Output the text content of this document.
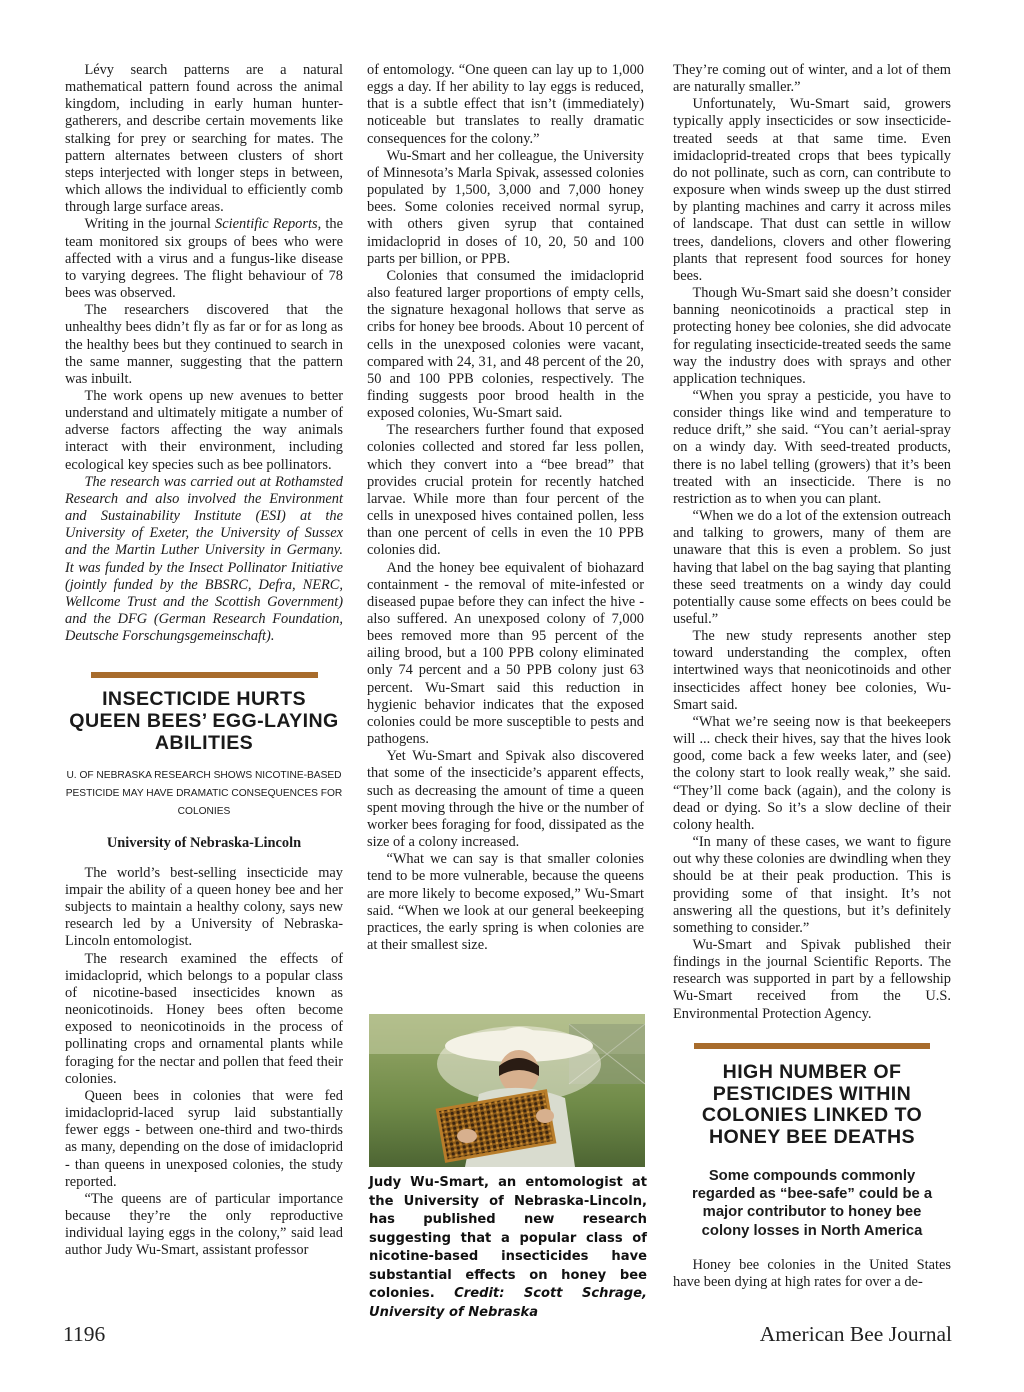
Lévy search patterns are a natural mathematical pattern found across the animal kingdom, including in early human hunter-gatherers, and describe certain movements like stalking for prey or searching for mates. The pattern alternates between clusters of short steps interjected with longer steps in between, which allows the individual to efficiently comb through large surface areas.

Writing in the journal Scientific Reports, the team monitored six groups of bees who were affected with a virus and a fungus-like disease to varying degrees. The flight behaviour of 78 bees was observed.

The researchers discovered that the unhealthy bees didn’t fly as far or for as long as the healthy bees but they continued to search in the same manner, suggesting that the pattern was inbuilt.

The work opens up new avenues to better understand and ultimately mitigate a number of adverse factors affecting the way animals interact with their environment, including ecological key species such as bee pollinators.

The research was carried out at Rothamsted Research and also involved the Environment and Sustainability Institute (ESI) at the University of Exeter, the University of Sussex and the Martin Luther University in Germany. It was funded by the Insect Pollinator Initiative (jointly funded by the BBSRC, Defra, NERC, Wellcome Trust and the Scottish Government) and the DFG (German Research Foundation, Deutsche Forschungsgemeinschaft).

INSECTICIDE HURTS QUEEN BEES’ EGG-LAYING ABILITIES
U. OF NEBRASKA RESEARCH SHOWS NICOTINE-BASED PESTICIDE MAY HAVE DRAMATIC CONSEQUENCES FOR COLONIES
University of Nebraska-Lincoln

The world’s best-selling insecticide may impair the ability of a queen honey bee and her subjects to maintain a healthy colony, says new research led by a University of Nebraska-Lincoln entomologist.

The research examined the effects of imidacloprid, which belongs to a popular class of nicotine-based insecticides known as neonicotinoids. Honey bees often become exposed to neonicotinoids in the process of pollinating crops and ornamental plants while foraging for the nectar and pollen that feed their colonies.

Queen bees in colonies that were fed imidacloprid-laced syrup laid substantially fewer eggs - between one-third and two-thirds as many, depending on the dose of imidacloprid - than queens in unexposed colonies, the study reported.

“The queens are of particular importance because they’re the only reproductive individual laying eggs in the colony,” said lead author Judy Wu-Smart, assistant professor

of entomology. “One queen can lay up to 1,000 eggs a day. If her ability to lay eggs is reduced, that is a subtle effect that isn’t (immediately) noticeable but translates to really dramatic consequences for the colony.”

Wu-Smart and her colleague, the University of Minnesota’s Marla Spivak, assessed colonies populated by 1,500, 3,000 and 7,000 honey bees. Some colonies received normal syrup, with others given syrup that contained imidacloprid in doses of 10, 20, 50 and 100 parts per billion, or PPB.

Colonies that consumed the imidacloprid also featured larger proportions of empty cells, the signature hexagonal hollows that serve as cribs for honey bee broods. About 10 percent of cells in the unexposed colonies were vacant, compared with 24, 31, and 48 percent of the 20, 50 and 100 PPB colonies, respectively. The finding suggests poor brood health in the exposed colonies, Wu-Smart said.

The researchers further found that exposed colonies collected and stored far less pollen, which they convert into a “bee bread” that provides crucial protein for recently hatched larvae. While more than four percent of the cells in unexposed hives contained pollen, less than one percent of cells in even the 10 PPB colonies did.

And the honey bee equivalent of biohazard containment - the removal of mite-infested or diseased pupae before they can infect the hive - also suffered. An unexposed colony of 7,000 bees removed more than 95 percent of the ailing brood, but a 100 PPB colony eliminated only 74 percent and a 50 PPB colony just 63 percent. Wu-Smart said this reduction in hygienic behavior indicates that the exposed colonies could be more susceptible to pests and pathogens.

Yet Wu-Smart and Spivak also discovered that some of the insecticide’s apparent effects, such as decreasing the amount of time a queen spent moving through the hive or the number of worker bees foraging for food, dissipated as the size of a colony increased.

“What we can say is that smaller colonies tend to be more vulnerable, because the queens are more likely to become exposed,” Wu-Smart said. “When we look at our general beekeeping practices, the early spring is when colonies are at their smallest size.

Judy Wu-Smart, an entomologist at the University of Nebraska-Lincoln, has published new research suggesting that a popular class of nicotine-based insecticides have substantial effects on honey bee colonies. Credit: Scott Schrage, University of Nebraska

They’re coming out of winter, and a lot of them are naturally smaller.”

Unfortunately, Wu-Smart said, growers typically apply insecticides or sow insecticide-treated seeds at that same time. Even imidacloprid-treated crops that bees typically do not pollinate, such as corn, can contribute to exposure when winds sweep up the dust stirred by planting machines and carry it across miles of landscape. That dust can settle in willow trees, dandelions, clovers and other flowering plants that represent food sources for honey bees.

Though Wu-Smart said she doesn’t consider banning neonicotinoids a practical step in protecting honey bee colonies, she did advocate for regulating insecticide-treated seeds the same way the industry does with sprays and other application techniques.

“When you spray a pesticide, you have to consider things like wind and temperature to reduce drift,” she said. “You can’t aerial-spray on a windy day. With seed-treated products, there is no label telling (growers) that it’s been treated with an insecticide. There is no restriction as to when you can plant.

“When we do a lot of the extension outreach and talking to growers, many of them are unaware that this is even a problem. So just having that label on the bag saying that planting these seed treatments on a windy day could potentially cause some effects on bees could be useful.”

The new study represents another step toward understanding the complex, often intertwined ways that neonicotinoids and other insecticides affect honey bee colonies, Wu-Smart said.

“What we’re seeing now is that beekeepers will ... check their hives, say that the hives look good, come back a few weeks later, and (see) the colony start to look really weak,” she said. “They’ll come back (again), and the colony is dead or dying. So it’s a slow decline of their colony health.

“In many of these cases, we want to figure out why these colonies are dwindling when they should be at their peak production. This is providing some of that insight. It’s not answering all the questions, but it’s definitely something to consider.”

Wu-Smart and Spivak published their findings in the journal Scientific Reports. The research was supported in part by a fellowship Wu-Smart received from the U.S. Environmental Protection Agency.

HIGH NUMBER OF PESTICIDES WITHIN COLONIES LINKED TO HONEY BEE DEATHS
Some compounds commonly regarded as “bee-safe” could be a major contributor to honey bee colony losses in North America

Honey bee colonies in the United States have been dying at high rates for over a de-

1196	American Bee Journal
